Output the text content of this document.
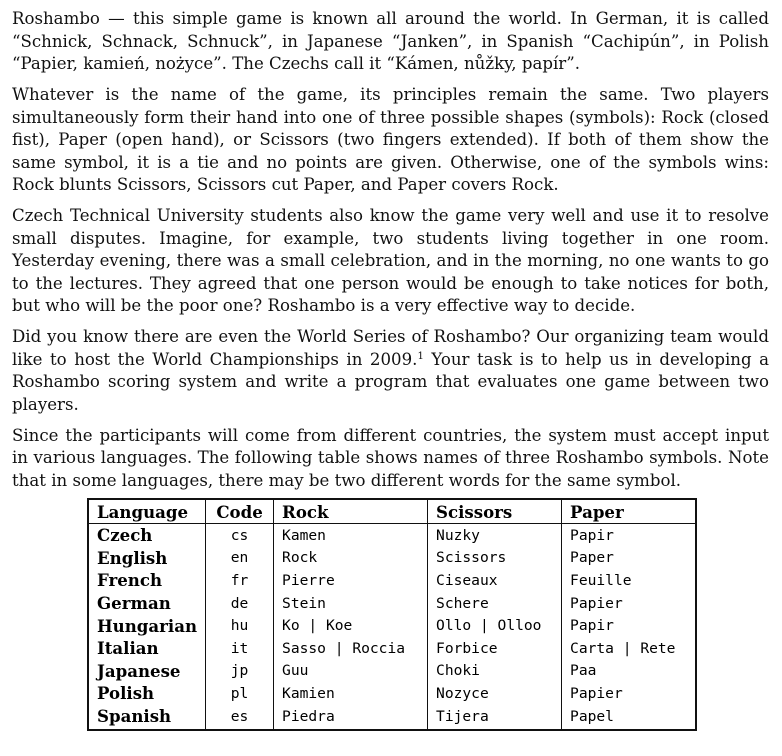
Roshambo — this simple game is known all around the world. In German, it is called “Schnick, Schnack, Schnuck”, in Japanese “Janken”, in Spanish “Cachipún”, in Polish “Papier, kamień, nożyce”. The Czechs call it “Kámen, nůžky, papír”.

Whatever is the name of the game, its principles remain the same. Two players simultaneously form their hand into one of three possible shapes (symbols): Rock (closed fist), Paper (open hand), or Scissors (two fingers extended). If both of them show the same symbol, it is a tie and no points are given. Otherwise, one of the symbols wins: Rock blunts Scissors, Scissors cut Paper, and Paper covers Rock.

Czech Technical University students also know the game very well and use it to resolve small disputes. Imagine, for example, two students living together in one room. Yesterday evening, there was a small celebration, and in the morning, no one wants to go to the lectures. They agreed that one person would be enough to take notices for both, but who will be the poor one? Roshambo is a very effective way to decide.

Did you know there are even the World Series of Roshambo? Our organizing team would like to host the World Championships in 2009.$^1$ Your task is to help us in developing a Roshambo scoring system and write a program that evaluates one game between two players.

Since the participants will come from different countries, the system must accept input in various languages. The following table shows names of three Roshambo symbols. Note that in some languages, there may be two different words for the same symbol.

Language	Code	Rock	Scissors	Paper
Czech	cs	Kamen	Nuzky	Papir
English	en	Rock	Scissors	Paper
French	fr	Pierre	Ciseaux	Feuille
German	de	Stein	Schere	Papier
Hungarian	hu	Ko | Koe	Ollo | Olloo	Papir
Italian	it	Sasso | Roccia	Forbice	Carta | Rete
Japanese	jp	Guu	Choki	Paa
Polish	pl	Kamien	Nozyce	Papier
Spanish	es	Piedra	Tijera	Papel
